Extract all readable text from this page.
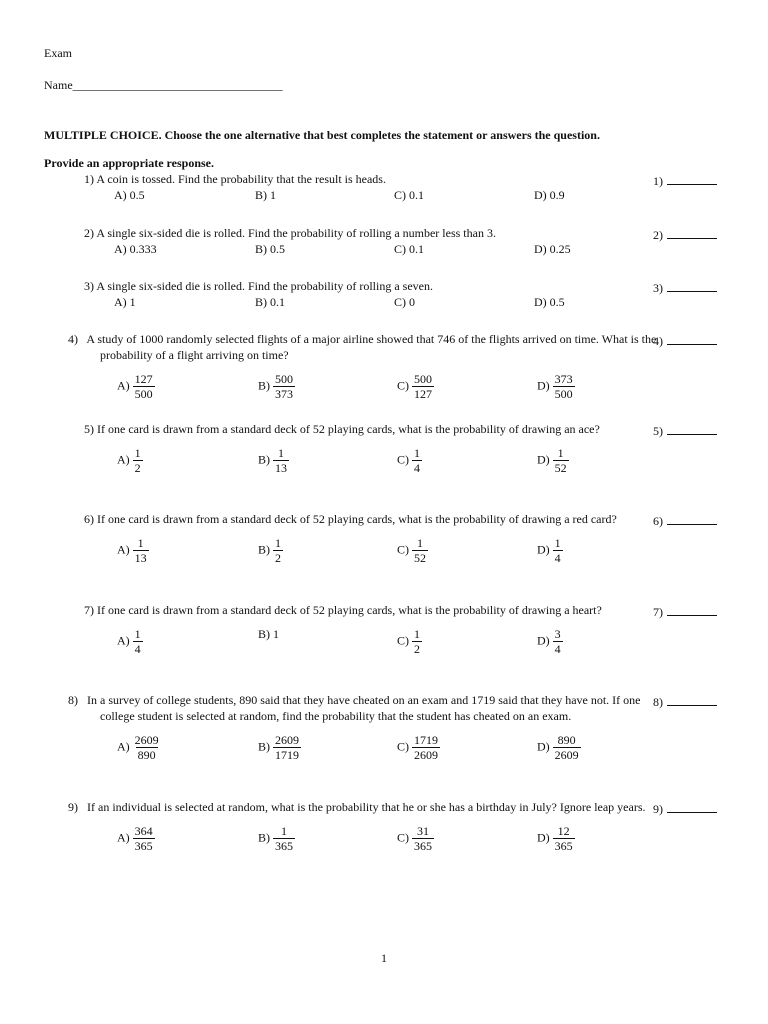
Exam
Name___________________________________
MULTIPLE CHOICE. Choose the one alternative that best completes the statement or answers the question.
Provide an appropriate response.
1) A coin is tossed. Find the probability that the result is heads.	1)
A) 0.5	B) 1	C) 0.1	D) 0.9
2) A single six-sided die is rolled. Find the probability of rolling a number less than 3.	2)
A) 0.333	B) 0.5	C) 0.1	D) 0.25
3) A single six-sided die is rolled. Find the probability of rolling a seven.	3)
A) 1	B) 0.1	C) 0	D) 0.5
4) A study of 1000 randomly selected flights of a major airline showed that 746 of the flights arrived on time. What is the probability of a flight arriving on time?
4)
$A) \frac{127}{500}$	$B) \frac{500}{373}$	$C) \frac{500}{127}$	$D) \frac{373}{500}$
5) If one card is drawn from a standard deck of 52 playing cards, what is the probability of drawing an ace?	5)
$A) \frac{1}{2}$	$B) \frac{1}{13}$	$C) \frac{1}{4}$	$D) \frac{1}{52}$
6) If one card is drawn from a standard deck of 52 playing cards, what is the probability of drawing a red card?	6)
$A) \frac{1}{13}$	$B) \frac{1}{2}$	$C) \frac{1}{52}$	$D) \frac{1}{4}$
7) If one card is drawn from a standard deck of 52 playing cards, what is the probability of drawing a heart?	7)
$A) \frac{1}{4}$	B) 1	$C) \frac{1}{2}$	$D) \frac{3}{4}$
8) In a survey of college students, 890 said that they have cheated on an exam and 1719 said that they have not. If one college student is selected at random, find the probability that the student has cheated on an exam.
8)
$A) \frac{2609}{890}$	$B) \frac{2609}{1719}$	$C) \frac{1719}{2609}$	$D) \frac{890}{2609}$
9) If an individual is selected at random, what is the probability that he or she has a birthday in July? Ignore leap years. 9)
$A) \frac{364}{365}$	$B) \frac{1}{365}$	$C) \frac{31}{365}$	$D) \frac{12}{365}$
1
